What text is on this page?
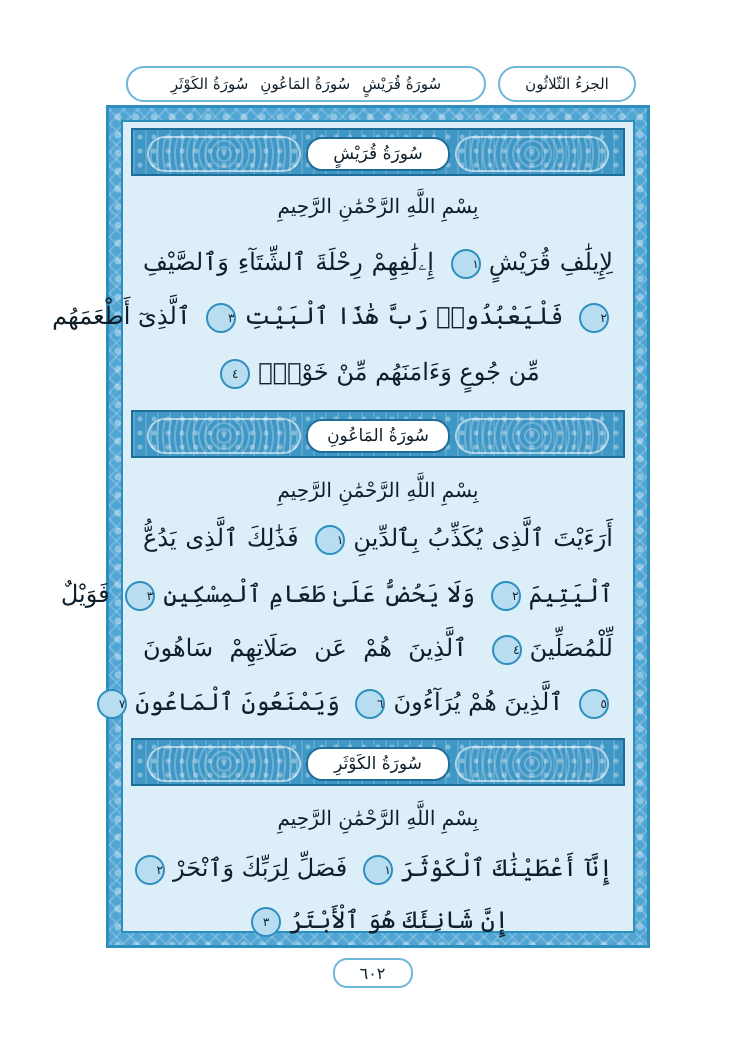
الجزءُ الثّلاثُون
سُورَةُ قُرَيْشٍ
سُورَةُ المَاعُونِ
سُورَةُ الكَوْثَرِ
سُورَةُ قُرَيْشٍ
بِسْمِ اللَّهِ الرَّحْمَٰنِ الرَّحِيمِ
لِإِيلَٰفِ قُرَيْشٍ١ إِۦلَٰفِهِمْ رِحْلَةَ ٱلشِّتَآءِ وَٱلصَّيْفِ
٢ فَلْيَعْبُدُوا۟ رَبَّ هَٰذَا ٱلْبَيْتِ٣ ٱلَّذِىٓ أَطْعَمَهُم
مِّن جُوعٍ وَءَامَنَهُم مِّنْ خَوْفٍۭ٤
سُورَةُ المَاعُونِ
بِسْمِ اللَّهِ الرَّحْمَٰنِ الرَّحِيمِ
أَرَءَيْتَ ٱلَّذِى يُكَذِّبُ بِٱلدِّينِ١ فَذَٰلِكَ ٱلَّذِى يَدُعُّ
ٱلْيَتِيمَ٢ وَلَا يَحُضُّ عَلَىٰ طَعَامِ ٱلْمِسْكِينِ٣ فَوَيْلٌ
لِّلْمُصَلِّينَ٤ ٱلَّذِينَ هُمْ عَن صَلَاتِهِمْ سَاهُونَ
٥ ٱلَّذِينَ هُمْ يُرَآءُونَ٦ وَيَمْنَعُونَ ٱلْمَاعُونَ٧
سُورَةُ الكَوْثَرِ
بِسْمِ اللَّهِ الرَّحْمَٰنِ الرَّحِيمِ
إِنَّآ أَعْطَيْنَٰكَ ٱلْكَوْثَرَ١ فَصَلِّ لِرَبِّكَ وَٱنْحَرْ٢
إِنَّ شَانِئَكَ هُوَ ٱلْأَبْتَرُ٣
٦٠٢
